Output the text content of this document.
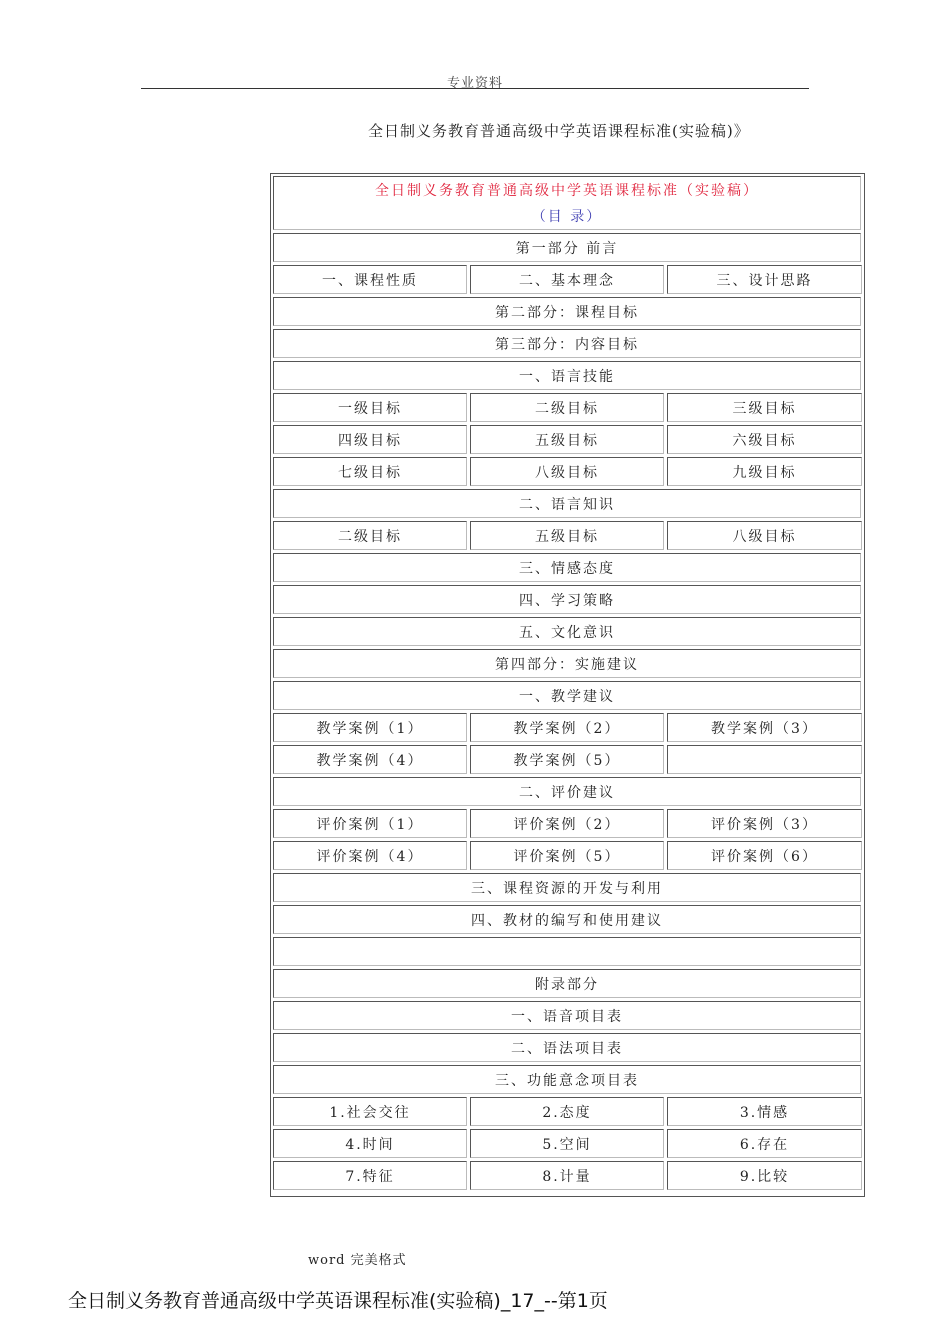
专业资料
全日制义务教育普通高级中学英语课程标准(实验稿)》
全日制义务教育普通高级中学英语课程标准（实验稿）
（目 录）
第一部分 前言
一、课程性质	二、基本理念	三、设计思路
第二部分：课程目标
第三部分：内容目标
一、语言技能
一级目标	二级目标	三级目标
四级目标	五级目标	六级目标
七级目标	八级目标	九级目标
二、语言知识
二级目标	五级目标	八级目标
三、情感态度
四、学习策略
五、文化意识
第四部分：实施建议
一、教学建议
教学案例（1）	教学案例（2）	教学案例（3）
教学案例（4）	教学案例（5）
二、评价建议
评价案例（1）	评价案例（2）	评价案例（3）
评价案例（4）	评价案例（5）	评价案例（6）
三、课程资源的开发与利用
四、教材的编写和使用建议
附录部分
一、语音项目表
二、语法项目表
三、功能意念项目表
1.社会交往	2.态度	3.情感
4.时间	5.空间	6.存在
7.特征	8.计量	9.比较
word 完美格式
全日制义务教育普通高级中学英语课程标准(实验稿)_17_--第1页
